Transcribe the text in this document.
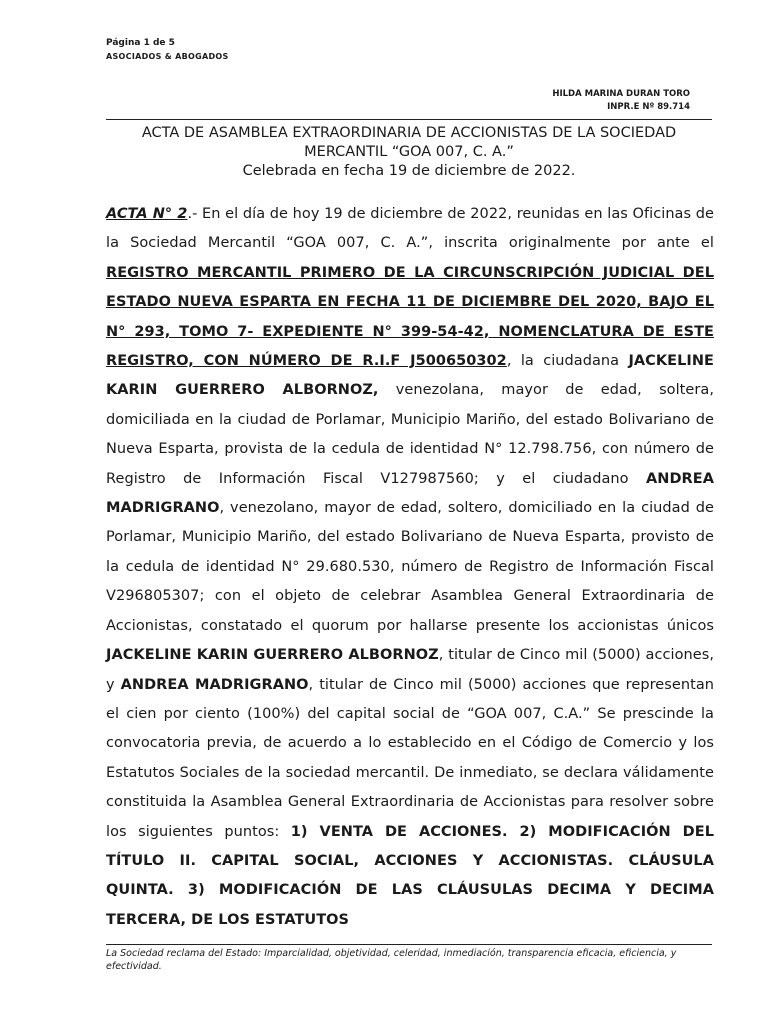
Página 1 de 5
ASOCIADOS & ABOGADOS
HILDA MARINA DURAN TORO
INPR.E Nº 89.714
ACTA DE ASAMBLEA EXTRAORDINARIA DE ACCIONISTAS DE LA SOCIEDAD
MERCANTIL “GOA 007, C. A.”
Celebrada en fecha 19 de diciembre de 2022.
ACTA N° 2.- En el día de hoy 19 de diciembre de 2022, reunidas en las Oficinas de la Sociedad Mercantil “GOA 007, C. A.”, inscrita originalmente por ante el REGISTRO MERCANTIL PRIMERO DE LA CIRCUNSCRIPCIÓN JUDICIAL DEL ESTADO NUEVA ESPARTA EN FECHA 11 DE DICIEMBRE DEL 2020, BAJO EL N° 293, TOMO 7- EXPEDIENTE N° 399-54-42, NOMENCLATURA DE ESTE REGISTRO, CON NÚMERO DE R.I.F J500650302, la ciudadana JACKELINE KARIN GUERRERO ALBORNOZ, venezolana, mayor de edad, soltera, domiciliada en la ciudad de Porlamar, Municipio Mariño, del estado Bolivariano de Nueva Esparta, provista de la cedula de identidad N° 12.798.756, con número de Registro de Información Fiscal V127987560; y el ciudadano ANDREA MADRIGRANO, venezolano, mayor de edad, soltero, domiciliado en la ciudad de Porlamar, Municipio Mariño, del estado Bolivariano de Nueva Esparta, provisto de la cedula de identidad N° 29.680.530, número de Registro de Información Fiscal V296805307; con el objeto de celebrar Asamblea General Extraordinaria de Accionistas, constatado el quorum por hallarse presente los accionistas únicos JACKELINE KARIN GUERRERO ALBORNOZ, titular de Cinco mil (5000) acciones, y ANDREA MADRIGRANO, titular de Cinco mil (5000) acciones que representan el cien por ciento (100%) del capital social de “GOA 007, C.A.” Se prescinde la convocatoria previa, de acuerdo a lo establecido en el Código de Comercio y los Estatutos Sociales de la sociedad mercantil. De inmediato, se declara válidamente constituida la Asamblea General Extraordinaria de Accionistas para resolver sobre los siguientes puntos: 1) VENTA DE ACCIONES. 2) MODIFICACIÓN DEL TÍTULO II. CAPITAL SOCIAL, ACCIONES Y ACCIONISTAS. CLÁUSULA QUINTA. 3) MODIFICACIÓN DE LAS CLÁUSULAS DECIMA Y DECIMA TERCERA, DE LOS ESTATUTOS
La Sociedad reclama del Estado: Imparcialidad, objetividad, celeridad, inmediación, transparencia eficacia, eficiencia, y efectividad.
